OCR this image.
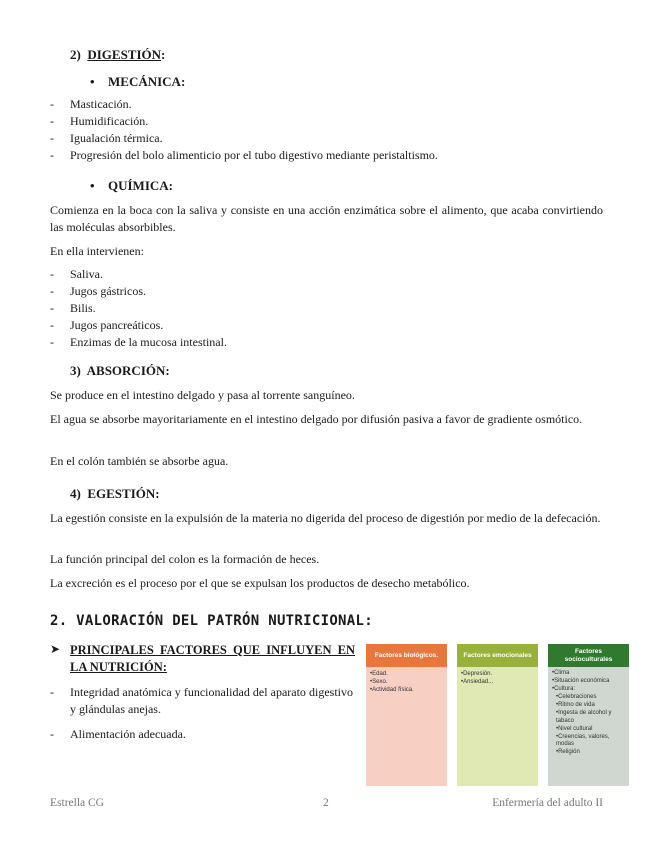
2) DIGESTIÓN:
• MECÁNICA:
- Masticación.
- Humidificación.
- Igualación térmica.
- Progresión del bolo alimenticio por el tubo digestivo mediante peristaltismo.
• QUÍMICA:
Comienza en la boca con la saliva y consiste en una acción enzimática sobre el alimento, que acaba convirtiendo las moléculas absorbibles.
En ella intervienen:
- Saliva.
- Jugos gástricos.
- Bilis.
- Jugos pancreáticos.
- Enzimas de la mucosa intestinal.
3) ABSORCIÓN:
Se produce en el intestino delgado y pasa al torrente sanguíneo.
El agua se absorbe mayoritariamente en el intestino delgado por difusión pasiva a favor de gradiente osmótico.
En el colón también se absorbe agua.
4) EGESTIÓN:
La egestión consiste en la expulsión de la materia no digerida del proceso de digestión por medio de la defecación.
La función principal del colon es la formación de heces.
La excreción es el proceso por el que se expulsan los productos de desecho metabólico.
2. VALORACIÓN DEL PATRÓN NUTRICIONAL:
➤ PRINCIPALES FACTORES QUE INFLUYEN EN LA NUTRICIÓN:
- Integridad anatómica y funcionalidad del aparato digestivo y glándulas anejas.
- Alimentación adecuada.
Factores biológicos.
•Edad.
•Sexo.
•Actividad física.
Factores emocionales
•Depresión.
•Ansiedad...
Factores socioculturales
•Clima
•Situación económica
•Cultura:
•Celebraciones
•Ritmo de vida
•Ingesta de alcohol y tabaco
•Nivel cultural
•Creencias, valores, modas
•Religión
Estrella CG	2	Enfermería del adulto II
